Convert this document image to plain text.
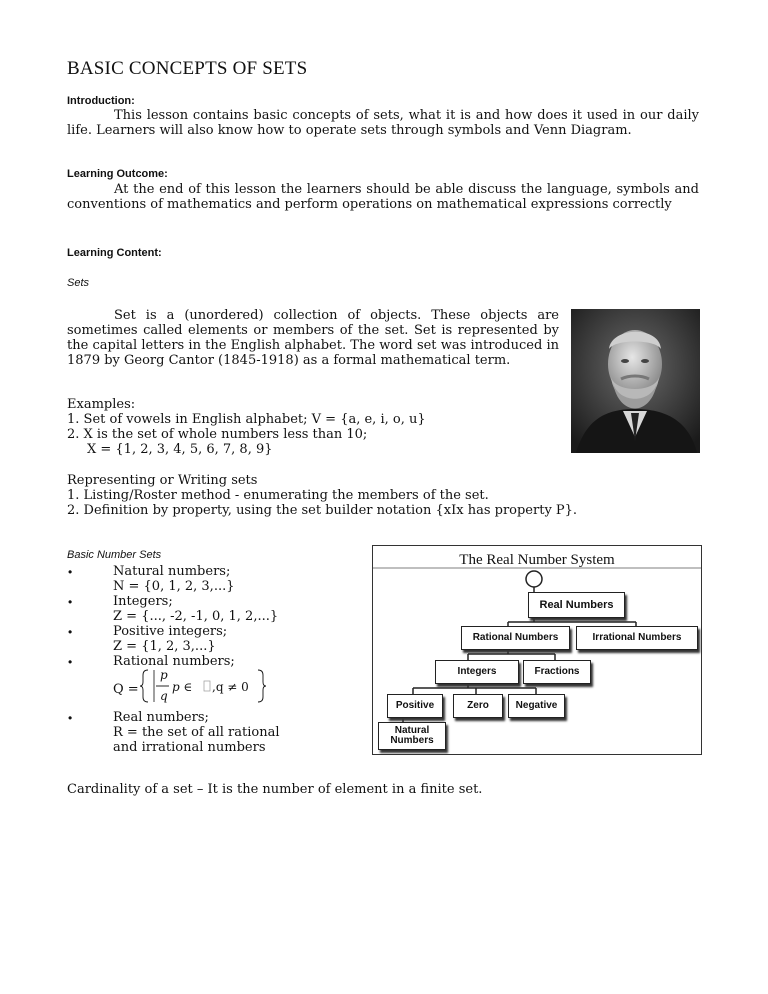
BASIC CONCEPTS OF SETS
Introduction:
This lesson contains basic concepts of sets, what it is and how does it used in our daily life. Learners will also know how to operate sets through symbols and Venn Diagram.
Learning Outcome:
At the end of this lesson the learners should be able discuss the language, symbols and conventions of mathematics and perform operations on mathematical expressions correctly
Learning Content:
Sets
Set is a (unordered) collection of objects. These objects are sometimes called elements or members of the set. Set is represented by the capital letters in the English alphabet. The word set was introduced in 1879 by Georg Cantor (1845-1918) as a formal mathematical term.
Examples:
1. Set of vowels in English alphabet; V = {a, e, i, o, u}
2. X is the set of whole numbers less than 10;
X = {1, 2, 3, 4, 5, 6, 7, 8, 9}
Representing or Writing sets
1. Listing/Roster method - enumerating the members of the set.
2. Definition by property, using the set builder notation {xIx has property P}.
Basic Number Sets
•	Natural numbers;
N = {0, 1, 2, 3,...}
•	Integers;
Z = {..., -2, -1, 0, 1, 2,...}
•	Positive integers;
Z = {1, 2, 3,...}
•	Rational numbers;
Q =
p
q
p ∈ ,q ≠ 0
•	Real numbers;
R = the set of all rational
and irrational numbers
The Real Number System
Real Numbers
Rational Numbers	Irrational Numbers
Integers	Fractions
Positive	Zero	Negative
Natural Numbers
Cardinality of a set – It is the number of element in a finite set.
